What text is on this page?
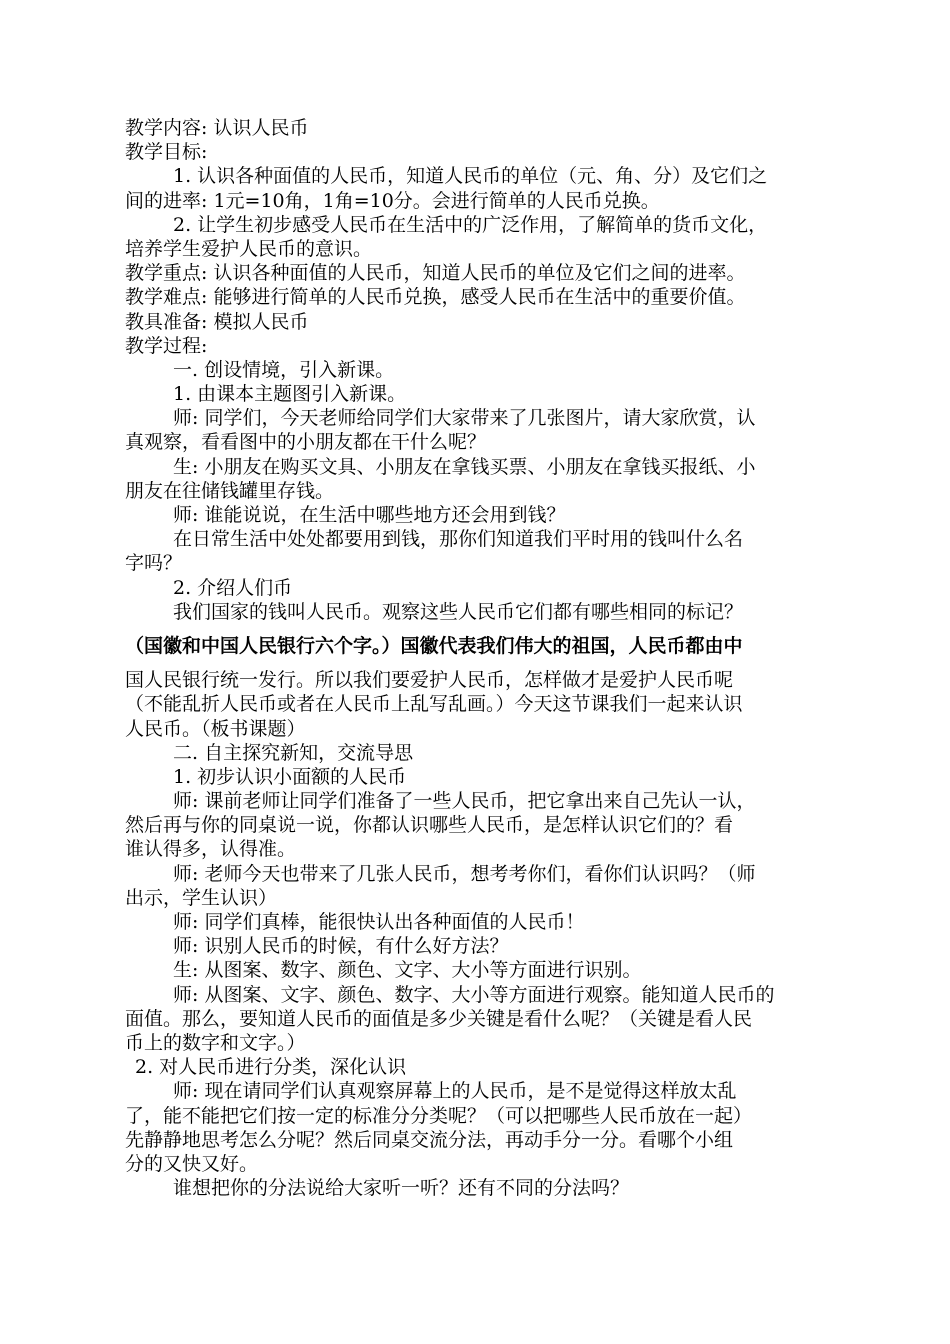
教学内容: 认识人民币
教学目标:
1. 认识各种面值的人民币，知道人民币的单位（元、角、分）及它们之
间的进率: 1元=10角，1角=10分。会进行简单的人民币兑换。
2. 让学生初步感受人民币在生活中的广泛作用，了解简单的货币文化，
培养学生爱护人民币的意识。
教学重点: 认识各种面值的人民币，知道人民币的单位及它们之间的进率。
教学难点: 能够进行简单的人民币兑换，感受人民币在生活中的重要价值。
教具准备: 模拟人民币
教学过程:
一. 创设情境，引入新课。
1. 由课本主题图引入新课。
师: 同学们，今天老师给同学们大家带来了几张图片，请大家欣赏，认
真观察，看看图中的小朋友都在干什么呢？
生: 小朋友在购买文具、小朋友在拿钱买票、小朋友在拿钱买报纸、小
朋友在往储钱罐里存钱。
师: 谁能说说，在生活中哪些地方还会用到钱？
在日常生活中处处都要用到钱，那你们知道我们平时用的钱叫什么名
字吗？
2. 介绍人们币
我们国家的钱叫人民币。观察这些人民币它们都有哪些相同的标记？
（国徽和中国人民银行六个字。）国徽代表我们伟大的祖国，人民币都由中
国人民银行统一发行。所以我们要爱护人民币，怎样做才是爱护人民币呢
（不能乱折人民币或者在人民币上乱写乱画。）今天这节课我们一起来认识
人民币。（板书课题）
二. 自主探究新知，交流导思
1. 初步认识小面额的人民币
师: 课前老师让同学们准备了一些人民币，把它拿出来自己先认一认，
然后再与你的同桌说一说，你都认识哪些人民币，是怎样认识它们的？看
谁认得多，认得准。
师: 老师今天也带来了几张人民币，想考考你们，看你们认识吗？（师
出示，学生认识）
师: 同学们真棒，能很快认出各种面值的人民币！
师: 识别人民币的时候，有什么好方法？
生: 从图案、数字、颜色、文字、大小等方面进行识别。
师: 从图案、文字、颜色、数字、大小等方面进行观察。能知道人民币的
面值。那么，要知道人民币的面值是多少关键是看什么呢？（关键是看人民
币上的数字和文字。）
2. 对人民币进行分类，深化认识
师: 现在请同学们认真观察屏幕上的人民币，是不是觉得这样放太乱
了，能不能把它们按一定的标准分分类呢？（可以把哪些人民币放在一起）
先静静地思考怎么分呢？然后同桌交流分法，再动手分一分。看哪个小组
分的又快又好。
谁想把你的分法说给大家听一听？还有不同的分法吗？
